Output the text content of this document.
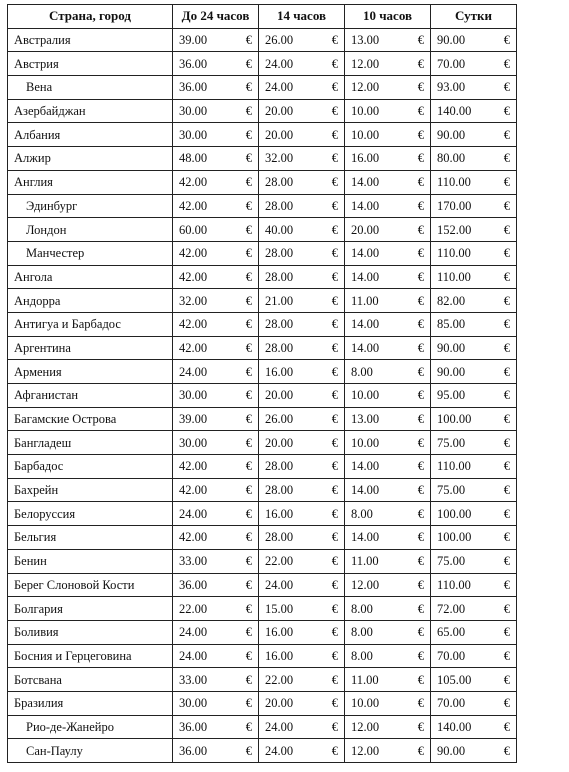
Страна, город	До 24 часов		14 часов		10 часов		Сутки	
Австралия	39.00	€	26.00	€	13.00	€	90.00	€
Австрия	36.00	€	24.00	€	12.00	€	70.00	€
Вена	36.00	€	24.00	€	12.00	€	93.00	€
Азербайджан	30.00	€	20.00	€	10.00	€	140.00	€
Албания	30.00	€	20.00	€	10.00	€	90.00	€
Алжир	48.00	€	32.00	€	16.00	€	80.00	€
Англия	42.00	€	28.00	€	14.00	€	110.00	€
Эдинбург	42.00	€	28.00	€	14.00	€	170.00	€
Лондон	60.00	€	40.00	€	20.00	€	152.00	€
Манчестер	42.00	€	28.00	€	14.00	€	110.00	€
Ангола	42.00	€	28.00	€	14.00	€	110.00	€
Андорра	32.00	€	21.00	€	11.00	€	82.00	€
Антигуа и Барбадос	42.00	€	28.00	€	14.00	€	85.00	€
Аргентина	42.00	€	28.00	€	14.00	€	90.00	€
Армения	24.00	€	16.00	€	8.00	€	90.00	€
Афганистан	30.00	€	20.00	€	10.00	€	95.00	€
Багамские Острова	39.00	€	26.00	€	13.00	€	100.00	€
Бангладеш	30.00	€	20.00	€	10.00	€	75.00	€
Барбадос	42.00	€	28.00	€	14.00	€	110.00	€
Бахрейн	42.00	€	28.00	€	14.00	€	75.00	€
Белоруссия	24.00	€	16.00	€	8.00	€	100.00	€
Бельгия	42.00	€	28.00	€	14.00	€	100.00	€
Бенин	33.00	€	22.00	€	11.00	€	75.00	€
Берег Слоновой Кости	36.00	€	24.00	€	12.00	€	110.00	€
Болгария	22.00	€	15.00	€	8.00	€	72.00	€
Боливия	24.00	€	16.00	€	8.00	€	65.00	€
Босния и Герцеговина	24.00	€	16.00	€	8.00	€	70.00	€
Ботсвана	33.00	€	22.00	€	11.00	€	105.00	€
Бразилия	30.00	€	20.00	€	10.00	€	70.00	€
Рио-де-Жанейро	36.00	€	24.00	€	12.00	€	140.00	€
Сан-Паулу	36.00	€	24.00	€	12.00	€	90.00	€
